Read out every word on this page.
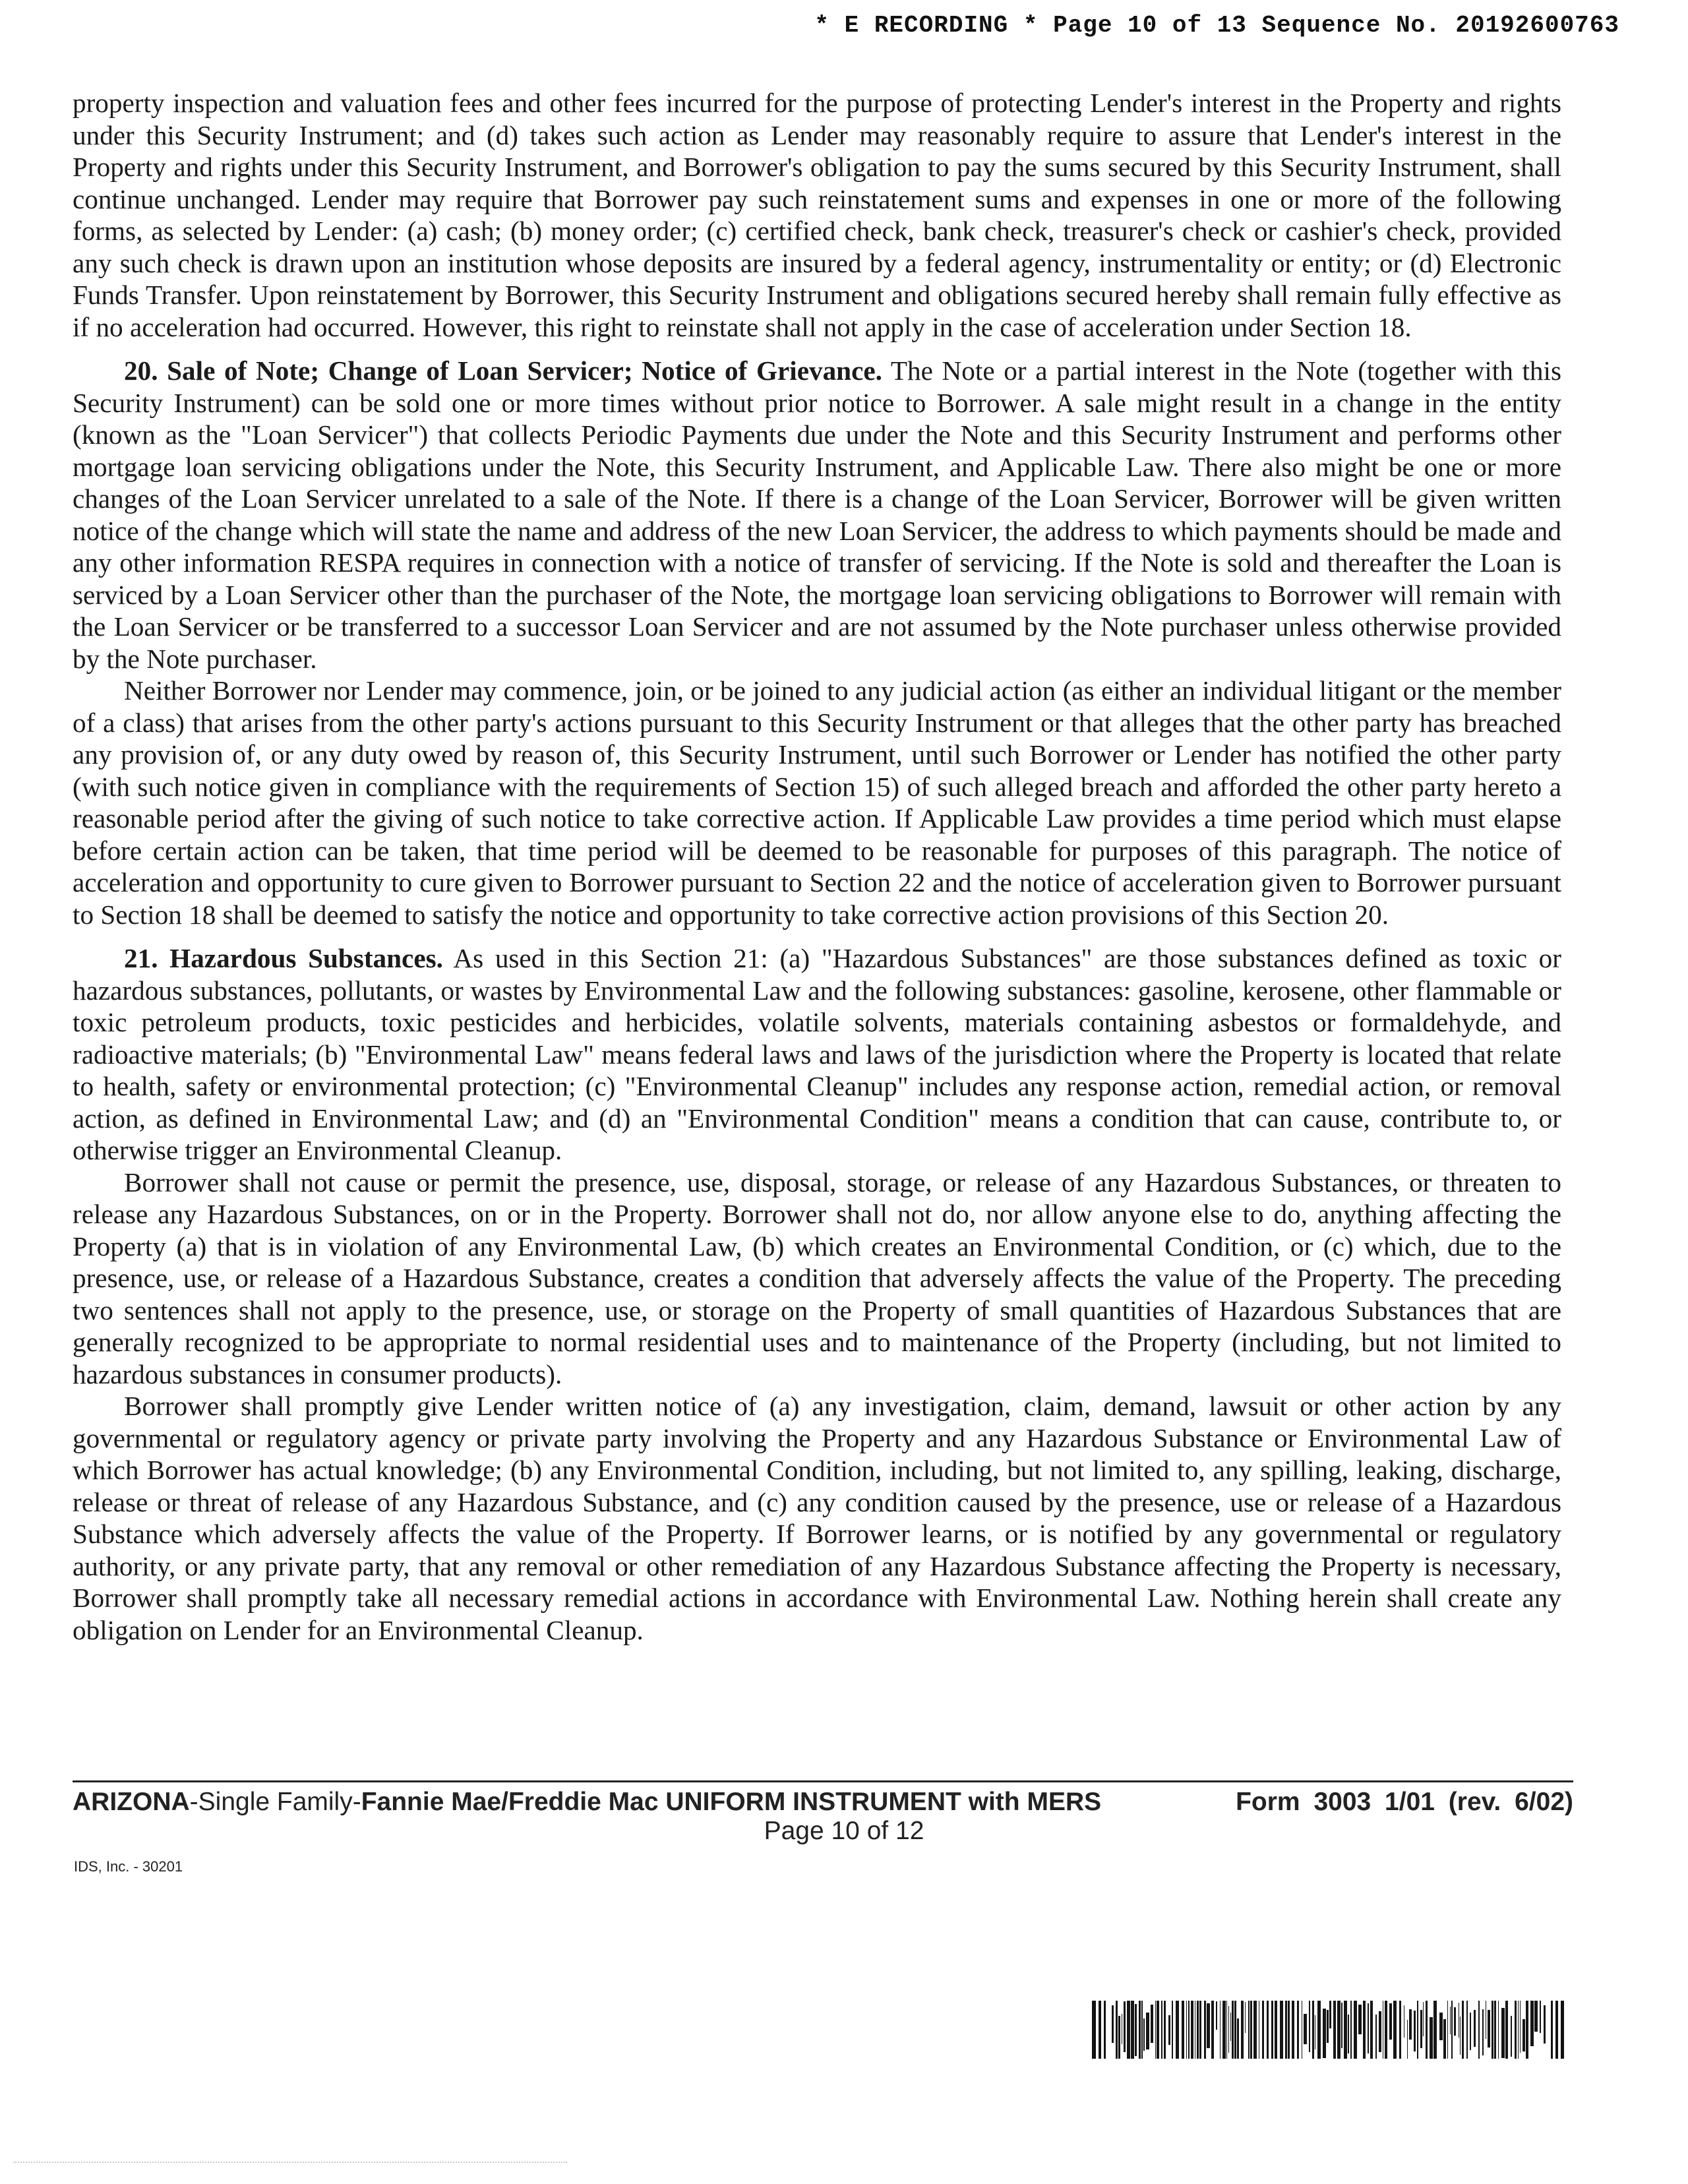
* E RECORDING * Page 10 of 13 Sequence No. 20192600763

property inspection and valuation fees and other fees incurred for the purpose of protecting Lender's interest in the Property and rights under this Security Instrument; and (d) takes such action as Lender may reasonably require to assure that Lender's interest in the Property and rights under this Security Instrument, and Borrower's obligation to pay the sums secured by this Security Instrument, shall continue unchanged. Lender may require that Borrower pay such reinstatement sums and expenses in one or more of the following forms, as selected by Lender: (a) cash; (b) money order; (c) certified check, bank check, treasurer's check or cashier's check, provided any such check is drawn upon an institution whose deposits are insured by a federal agency, instrumentality or entity; or (d) Electronic Funds Transfer. Upon reinstatement by Borrower, this Security Instrument and obligations secured hereby shall remain fully effective as if no acceleration had occurred. However, this right to reinstate shall not apply in the case of acceleration under Section 18.

20. Sale of Note; Change of Loan Servicer; Notice of Grievance. The Note or a partial interest in the Note (together with this Security Instrument) can be sold one or more times without prior notice to Borrower. A sale might result in a change in the entity (known as the "Loan Servicer") that collects Periodic Payments due under the Note and this Security Instrument and performs other mortgage loan servicing obligations under the Note, this Security Instrument, and Applicable Law. There also might be one or more changes of the Loan Servicer unrelated to a sale of the Note. If there is a change of the Loan Servicer, Borrower will be given written notice of the change which will state the name and address of the new Loan Servicer, the address to which payments should be made and any other information RESPA requires in connection with a notice of transfer of servicing. If the Note is sold and thereafter the Loan is serviced by a Loan Servicer other than the purchaser of the Note, the mortgage loan servicing obligations to Borrower will remain with the Loan Servicer or be transferred to a successor Loan Servicer and are not assumed by the Note purchaser unless otherwise provided by the Note purchaser.

Neither Borrower nor Lender may commence, join, or be joined to any judicial action (as either an individual litigant or the member of a class) that arises from the other party's actions pursuant to this Security Instrument or that alleges that the other party has breached any provision of, or any duty owed by reason of, this Security Instrument, until such Borrower or Lender has notified the other party (with such notice given in compliance with the requirements of Section 15) of such alleged breach and afforded the other party hereto a reasonable period after the giving of such notice to take corrective action. If Applicable Law provides a time period which must elapse before certain action can be taken, that time period will be deemed to be reasonable for purposes of this paragraph. The notice of acceleration and opportunity to cure given to Borrower pursuant to Section 22 and the notice of acceleration given to Borrower pursuant to Section 18 shall be deemed to satisfy the notice and opportunity to take corrective action provisions of this Section 20.

21. Hazardous Substances. As used in this Section 21: (a) "Hazardous Substances" are those substances defined as toxic or hazardous substances, pollutants, or wastes by Environmental Law and the following substances: gasoline, kerosene, other flammable or toxic petroleum products, toxic pesticides and herbicides, volatile solvents, materials containing asbestos or formaldehyde, and radioactive materials; (b) "Environmental Law" means federal laws and laws of the jurisdiction where the Property is located that relate to health, safety or environmental protection; (c) "Environmental Cleanup" includes any response action, remedial action, or removal action, as defined in Environmental Law; and (d) an "Environmental Condition" means a condition that can cause, contribute to, or otherwise trigger an Environmental Cleanup.

Borrower shall not cause or permit the presence, use, disposal, storage, or release of any Hazardous Substances, or threaten to release any Hazardous Substances, on or in the Property. Borrower shall not do, nor allow anyone else to do, anything affecting the Property (a) that is in violation of any Environmental Law, (b) which creates an Environmental Condition, or (c) which, due to the presence, use, or release of a Hazardous Substance, creates a condition that adversely affects the value of the Property. The preceding two sentences shall not apply to the presence, use, or storage on the Property of small quantities of Hazardous Substances that are generally recognized to be appropriate to normal residential uses and to maintenance of the Property (including, but not limited to hazardous substances in consumer products).

Borrower shall promptly give Lender written notice of (a) any investigation, claim, demand, lawsuit or other action by any governmental or regulatory agency or private party involving the Property and any Hazardous Substance or Environmental Law of which Borrower has actual knowledge; (b) any Environmental Condition, including, but not limited to, any spilling, leaking, discharge, release or threat of release of any Hazardous Substance, and (c) any condition caused by the presence, use or release of a Hazardous Substance which adversely affects the value of the Property. If Borrower learns, or is notified by any governmental or regulatory authority, or any private party, that any removal or other remediation of any Hazardous Substance affecting the Property is necessary, Borrower shall promptly take all necessary remedial actions in accordance with Environmental Law. Nothing herein shall create any obligation on Lender for an Environmental Cleanup.

ARIZONA-Single Family-Fannie Mae/Freddie Mac UNIFORM INSTRUMENT with MERS	Form 3003 1/01 (rev. 6/02)
Page 10 of 12
IDS, Inc. - 30201
